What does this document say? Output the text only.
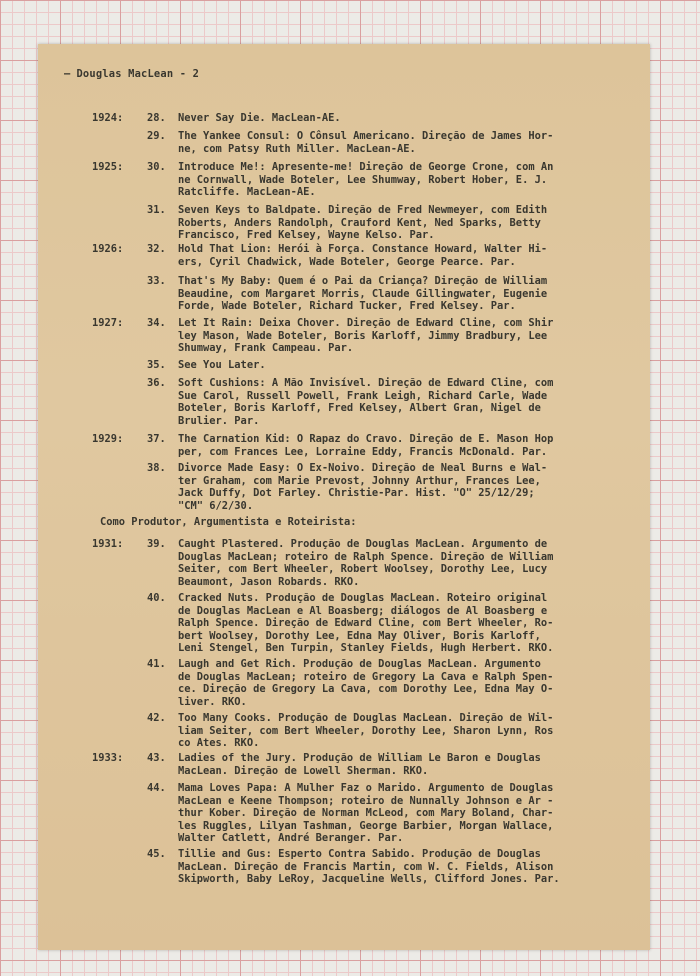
— Douglas MacLean - 2
1924: 28. Never Say Die. MacLean-AE.
29. The Yankee Consul: O Cônsul Americano. Direção de James Hor-
ne, com Patsy Ruth Miller. MacLean-AE.
1925: 30. Introduce Me!: Apresente-me! Direção de George Crone, com An
ne Cornwall, Wade Boteler, Lee Shumway, Robert Hober, E. J.
Ratcliffe. MacLean-AE.
31. Seven Keys to Baldpate. Direção de Fred Newmeyer, com Edith
Roberts, Anders Randolph, Crauford Kent, Ned Sparks, Betty
Francisco, Fred Kelsey, Wayne Kelso. Par.
1926: 32. Hold That Lion: Herói à Força. Constance Howard, Walter Hi-
ers, Cyril Chadwick, Wade Boteler, George Pearce. Par.
33. That's My Baby: Quem é o Pai da Criança? Direção de William
Beaudine, com Margaret Morris, Claude Gillingwater, Eugenie
Forde, Wade Boteler, Richard Tucker, Fred Kelsey. Par.
1927: 34. Let It Rain: Deixa Chover. Direção de Edward Cline, com Shir
ley Mason, Wade Boteler, Boris Karloff, Jimmy Bradbury, Lee
Shumway, Frank Campeau. Par.
35. See You Later.
36. Soft Cushions: A Mão Invisível. Direção de Edward Cline, com
Sue Carol, Russell Powell, Frank Leigh, Richard Carle, Wade
Boteler, Boris Karloff, Fred Kelsey, Albert Gran, Nigel de
Brulier. Par.
1929: 37. The Carnation Kid: O Rapaz do Cravo. Direção de E. Mason Hop
per, com Frances Lee, Lorraine Eddy, Francis McDonald. Par.
38. Divorce Made Easy: O Ex-Noivo. Direção de Neal Burns e Wal-
ter Graham, com Marie Prevost, Johnny Arthur, Frances Lee,
Jack Duffy, Dot Farley. Christie-Par. Hist. "O" 25/12/29;
"CM" 6/2/30.
Como Produtor, Argumentista e Roteirista:
1931: 39. Caught Plastered. Produção de Douglas MacLean. Argumento de
Douglas MacLean; roteiro de Ralph Spence. Direção de William
Seiter, com Bert Wheeler, Robert Woolsey, Dorothy Lee, Lucy
Beaumont, Jason Robards. RKO.
40. Cracked Nuts. Produção de Douglas MacLean. Roteiro original
de Douglas MacLean e Al Boasberg; diálogos de Al Boasberg e
Ralph Spence. Direção de Edward Cline, com Bert Wheeler, Ro-
bert Woolsey, Dorothy Lee, Edna May Oliver, Boris Karloff,
Leni Stengel, Ben Turpin, Stanley Fields, Hugh Herbert. RKO.
41. Laugh and Get Rich. Produção de Douglas MacLean. Argumento
de Douglas MacLean; roteiro de Gregory La Cava e Ralph Spen-
ce. Direção de Gregory La Cava, com Dorothy Lee, Edna May O-
liver. RKO.
42. Too Many Cooks. Produção de Douglas MacLean. Direção de Wil-
liam Seiter, com Bert Wheeler, Dorothy Lee, Sharon Lynn, Ros
co Ates. RKO.
1933: 43. Ladies of the Jury. Produção de William Le Baron e Douglas
MacLean. Direção de Lowell Sherman. RKO.
44. Mama Loves Papa: A Mulher Faz o Marido. Argumento de Douglas
MacLean e Keene Thompson; roteiro de Nunnally Johnson e Ar -
thur Kober. Direção de Norman McLeod, com Mary Boland, Char-
les Ruggles, Lilyan Tashman, George Barbier, Morgan Wallace,
Walter Catlett, André Beranger. Par.
45. Tillie and Gus: Esperto Contra Sabido. Produção de Douglas
MacLean. Direção de Francis Martin, com W. C. Fields, Alison
Skipworth, Baby LeRoy, Jacqueline Wells, Clifford Jones. Par.
